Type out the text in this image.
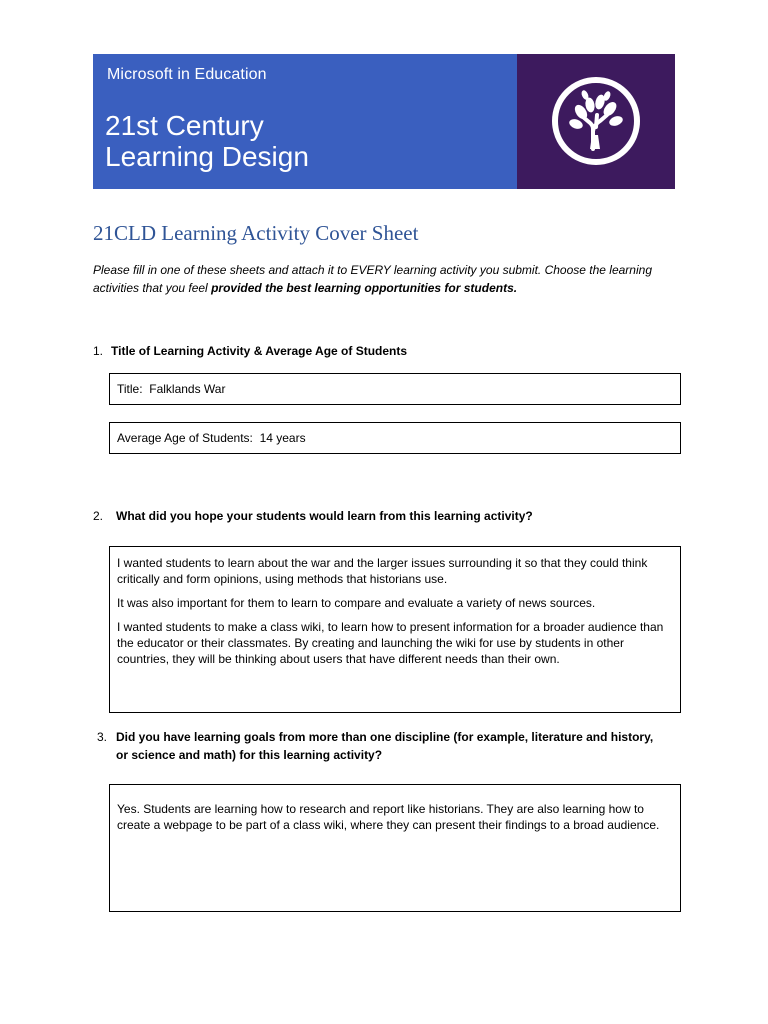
Microsoft in Education
21st Century
Learning Design
21CLD Learning Activity Cover Sheet
Please fill in one of these sheets and attach it to EVERY learning activity you submit. Choose the learning activities that you feel provided the best learning opportunities for students.
1. Title of Learning Activity & Average Age of Students
Title: Falklands War
Average Age of Students: 14 years
2. What did you hope your students would learn from this learning activity?

I wanted students to learn about the war and the larger issues surrounding it so that they could think critically and form opinions, using methods that historians use.

It was also important for them to learn to compare and evaluate a variety of news sources.

I wanted students to make a class wiki, to learn how to present information for a broader audience than the educator or their classmates. By creating and launching the wiki for use by students in other countries, they will be thinking about users that have different needs than their own.

3. Did you have learning goals from more than one discipline (for example, literature and history, or science and math) for this learning activity?

Yes. Students are learning how to research and report like historians. They are also learning how to create a webpage to be part of a class wiki, where they can present their findings to a broad audience.
